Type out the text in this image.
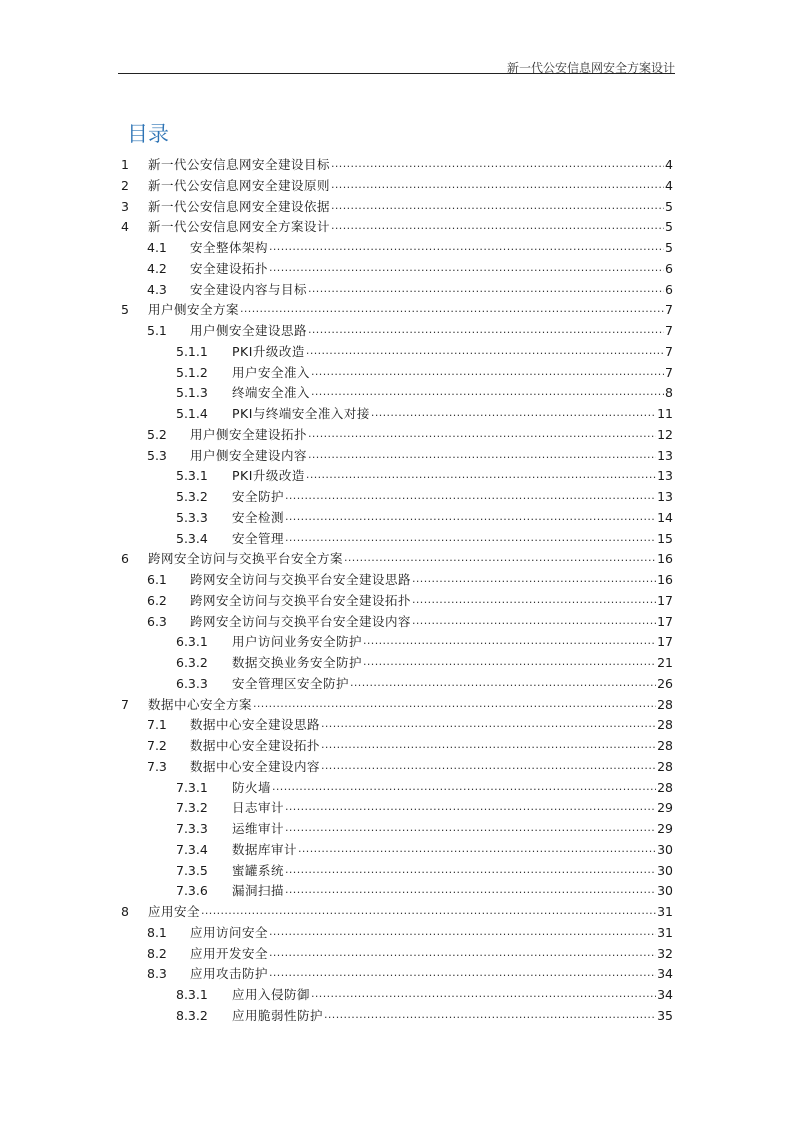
新一代公安信息网安全方案设计
目录
1	新一代公安信息网安全建设目标 .....	4
2	新一代公安信息网安全建设原则 .....	4
3	新一代公安信息网安全建设依据 .....	5
4	新一代公安信息网安全方案设计 .....	5
4.1	安全整体架构 .....	5
4.2	安全建设拓扑 .....	6
4.3	安全建设内容与目标 .....	6
5	用户侧安全方案 .....	7
5.1	用户侧安全建设思路 .....	7
5.1.1	PKI升级改造 .....	7
5.1.2	用户安全准入 .....	7
5.1.3	终端安全准入 .....	8
5.1.4	PKI与终端安全准入对接 .....	11
5.2	用户侧安全建设拓扑 .....	12
5.3	用户侧安全建设内容 .....	13
5.3.1	PKI升级改造 .....	13
5.3.2	安全防护 .....	13
5.3.3	安全检测 .....	14
5.3.4	安全管理 .....	15
6	跨网安全访问与交换平台安全方案 .....	16
6.1	跨网安全访问与交换平台安全建设思路 .....	16
6.2	跨网安全访问与交换平台安全建设拓扑 .....	17
6.3	跨网安全访问与交换平台安全建设内容 .....	17
6.3.1	用户访问业务安全防护 .....	17
6.3.2	数据交换业务安全防护 .....	21
6.3.3	安全管理区安全防护 .....	26
7	数据中心安全方案 .....	28
7.1	数据中心安全建设思路 .....	28
7.2	数据中心安全建设拓扑 .....	28
7.3	数据中心安全建设内容 .....	28
7.3.1	防火墙 .....	28
7.3.2	日志审计 .....	29
7.3.3	运维审计 .....	29
7.3.4	数据库审计 .....	30
7.3.5	蜜罐系统 .....	30
7.3.6	漏洞扫描 .....	30
8	应用安全 .....	31
8.1	应用访问安全 .....	31
8.2	应用开发安全 .....	32
8.3	应用攻击防护 .....	34
8.3.1	应用入侵防御 .....	34
8.3.2	应用脆弱性防护 .....	35
